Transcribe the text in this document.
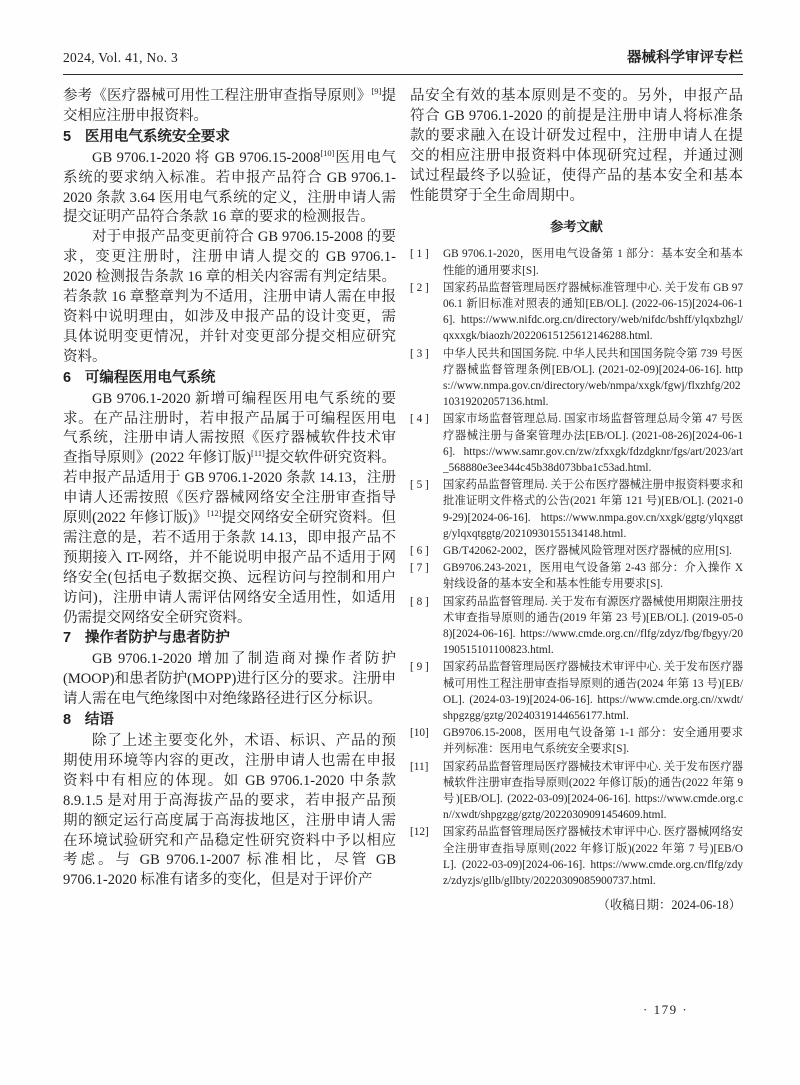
2024, Vol. 41, No. 3	器械科学审评专栏

参考《医疗器械可用性工程注册审查指导原则》[9]提交相应注册申报资料。

5 医用电气系统安全要求

GB 9706.1-2020 将 GB 9706.15-2008[10]医用电气系统的要求纳入标准。若申报产品符合 GB 9706.1-2020 条款 3.64 医用电气系统的定义，注册申请人需提交证明产品符合条款 16 章的要求的检测报告。

对于申报产品变更前符合 GB 9706.15-2008 的要求，变更注册时，注册申请人提交的 GB 9706.1-2020 检测报告条款 16 章的相关内容需有判定结果。若条款 16 章整章判为不适用，注册申请人需在申报资料中说明理由，如涉及申报产品的设计变更，需具体说明变更情况，并针对变更部分提交相应研究资料。

6 可编程医用电气系统

GB 9706.1-2020 新增可编程医用电气系统的要求。在产品注册时，若申报产品属于可编程医用电气系统，注册申请人需按照《医疗器械软件技术审查指导原则》(2022 年修订版)[11]提交软件研究资料。若申报产品适用于 GB 9706.1-2020 条款 14.13，注册申请人还需按照《医疗器械网络安全注册审查指导原则(2022 年修订版)》[12]提交网络安全研究资料。但需注意的是，若不适用于条款 14.13，即申报产品不预期接入 IT-网络，并不能说明申报产品不适用于网络安全(包括电子数据交换、远程访问与控制和用户访问)，注册申请人需评估网络安全适用性，如适用仍需提交网络安全研究资料。

7 操作者防护与患者防护

GB 9706.1-2020 增加了制造商对操作者防护(MOOP)和患者防护(MOPP)进行区分的要求。注册申请人需在电气绝缘图中对绝缘路径进行区分标识。

8 结语

除了上述主要变化外，术语、标识、产品的预期使用环境等内容的更改，注册申请人也需在申报资料中有相应的体现。如 GB 9706.1-2020 中条款 8.9.1.5 是对用于高海拔产品的要求，若申报产品预期的额定运行高度属于高海拔地区，注册申请人需在环境试验研究和产品稳定性研究资料中予以相应考虑。与 GB 9706.1-2007 标准相比，尽管 GB 9706.1-2020 标准有诸多的变化，但是对于评价产

品安全有效的基本原则是不变的。另外，申报产品符合 GB 9706.1-2020 的前提是注册申请人将标准条款的要求融入在设计研发过程中，注册申请人在提交的相应注册申报资料中体现研究过程，并通过测试过程最终予以验证，使得产品的基本安全和基本性能贯穿于全生命周期中。

参考文献
[ 1 ] GB 9706.1-2020，医用电气设备第 1 部分：基本安全和基本性能的通用要求[S].
[ 2 ] 国家药品监督管理局医疗器械标准管理中心. 关于发布 GB 9706.1 新旧标准对照表的通知[EB/OL]. (2022-06-15)[2024-06-16]. https://www.nifdc.org.cn/directory/web/nifdc/bshff/ylqxbzhgl/qxxxgk/biaozh/20220615125612146288.html.
[ 3 ] 中华人民共和国国务院. 中华人民共和国国务院令第 739 号医疗器械监督管理条例[EB/OL]. (2021-02-09)[2024-06-16]. https://www.nmpa.gov.cn/directory/web/nmpa/xxgk/fgwj/flxzhfg/20210319202057136.html.
[ 4 ] 国家市场监督管理总局. 国家市场监督管理总局令第 47 号医疗器械注册与备案管理办法[EB/OL]. (2021-08-26)[2024-06-16]. https://www.samr.gov.cn/zw/zfxxgk/fdzdgknr/fgs/art/2023/art_568880e3ee344c45b38d073bba1c53ad.html.
[ 5 ] 国家药品监督管理局. 关于公布医疗器械注册申报资料要求和批准证明文件格式的公告(2021 年第 121 号)[EB/OL]. (2021-09-29)[2024-06-16]. https://www.nmpa.gov.cn/xxgk/ggtg/ylqxggtg/ylqxqtggtg/20210930155134148.html.
[ 6 ] GB/T42062-2002，医疗器械风险管理对医疗器械的应用[S].
[ 7 ] GB9706.243-2021，医用电气设备第 2-43 部分：介入操作 X 射线设备的基本安全和基本性能专用要求[S].
[ 8 ] 国家药品监督管理局. 关于发布有源医疗器械使用期限注册技术审查指导原则的通告(2019 年第 23 号)[EB/OL]. (2019-05-08)[2024-06-16]. https://www.cmde.org.cn//flfg/zdyz/fbg/fbgyy/20190515101100823.html.
[ 9 ] 国家药品监督管理局医疗器械技术审评中心. 关于发布医疗器械可用性工程注册审查指导原则的通告(2024 年第 13 号)[EB/OL]. (2024-03-19)[2024-06-16]. https://www.cmde.org.cn//xwdt/shpgzgg/gztg/20240319144656177.html.
[10] GB9706.15-2008，医用电气设备第 1-1 部分：安全通用要求并列标准：医用电气系统安全要求[S].
[11] 国家药品监督管理局医疗器械技术审评中心. 关于发布医疗器械软件注册审查指导原则(2022 年修订版)的通告(2022 年第 9 号)[EB/OL]. (2022-03-09)[2024-06-16]. https://www.cmde.org.cn//xwdt/shpgzgg/gztg/20220309091454609.html.
[12] 国家药品监督管理局医疗器械技术审评中心. 医疗器械网络安全注册审查指导原则(2022 年修订版)(2022 年第 7 号)[EB/OL]. (2022-03-09)[2024-06-16]. https://www.cmde.org.cn/flfg/zdyz/zdyzjs/gllb/gllbty/20220309085900737.html.
（收稿日期：2024-06-18）
· 179 ·
